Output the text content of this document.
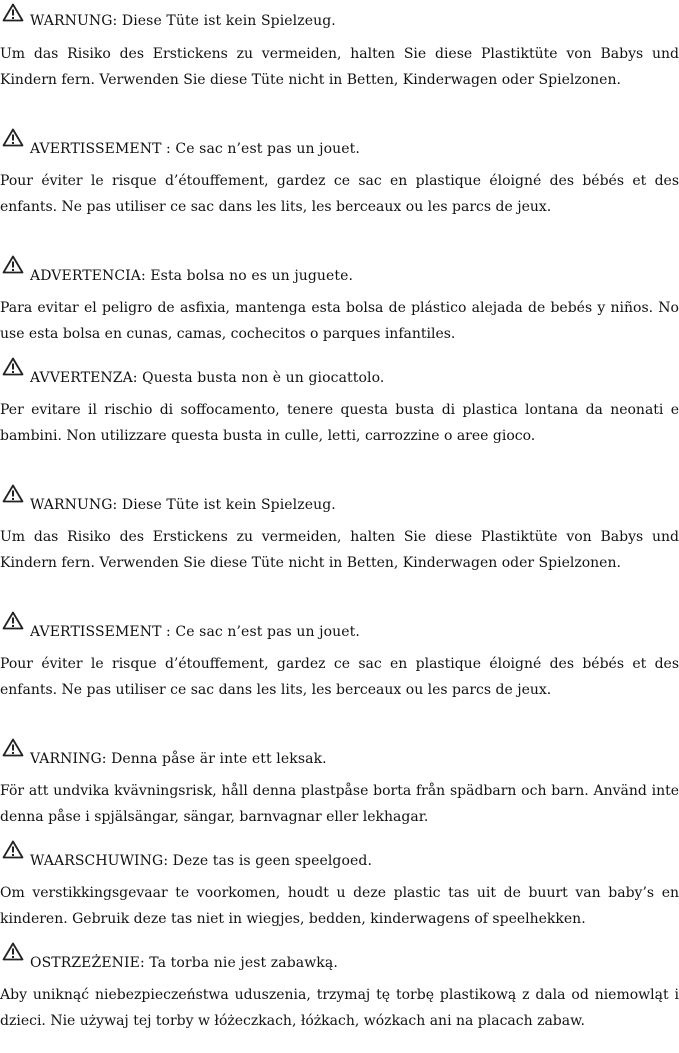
WARNUNG: Diese Tüte ist kein Spielzeug.

Um das Risiko des Erstickens zu vermeiden, halten Sie diese Plastiktüte von Babys und Kindern fern. Verwenden Sie diese Tüte nicht in Betten, Kinderwagen oder Spielzonen.

AVERTISSEMENT : Ce sac n’est pas un jouet.

Pour éviter le risque d’étouffement, gardez ce sac en plastique éloigné des bébés et des enfants. Ne pas utiliser ce sac dans les lits, les berceaux ou les parcs de jeux.

ADVERTENCIA: Esta bolsa no es un juguete.

Para evitar el peligro de asfixia, mantenga esta bolsa de plástico alejada de bebés y niños. No use esta bolsa en cunas, camas, cochecitos o parques infantiles.

AVVERTENZA: Questa busta non è un giocattolo.

Per evitare il rischio di soffocamento, tenere questa busta di plastica lontana da neonati e bambini. Non utilizzare questa busta in culle, letti, carrozzine o aree gioco.

WARNUNG: Diese Tüte ist kein Spielzeug.

Um das Risiko des Erstickens zu vermeiden, halten Sie diese Plastiktüte von Babys und Kindern fern. Verwenden Sie diese Tüte nicht in Betten, Kinderwagen oder Spielzonen.

AVERTISSEMENT : Ce sac n’est pas un jouet.

Pour éviter le risque d’étouffement, gardez ce sac en plastique éloigné des bébés et des enfants. Ne pas utiliser ce sac dans les lits, les berceaux ou les parcs de jeux.

VARNING: Denna påse är inte ett leksak.

För att undvika kvävningsrisk, håll denna plastpåse borta från spädbarn och barn. Använd inte denna påse i spjälsängar, sängar, barnvagnar eller lekhagar.

WAARSCHUWING: Deze tas is geen speelgoed.

Om verstikkingsgevaar te voorkomen, houdt u deze plastic tas uit de buurt van baby’s en kinderen. Gebruik deze tas niet in wiegjes, bedden, kinderwagens of speelhekken.

OSTRZEŻENIE: Ta torba nie jest zabawką.

Aby uniknąć niebezpieczeństwa uduszenia, trzymaj tę torbę plastikową z dala od niemowląt i dzieci. Nie używaj tej torby w łóżeczkach, łóżkach, wózkach ani na placach zabaw.
